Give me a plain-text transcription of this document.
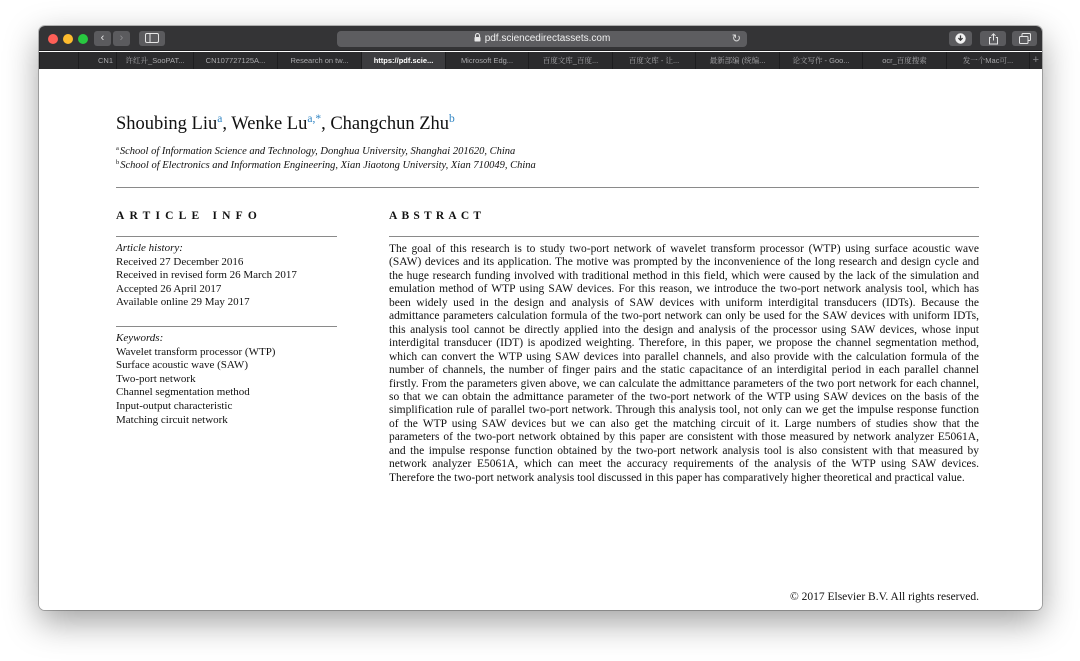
‹	›	pdf.sciencedirectassets.com	↻
CN1	许红升_SooPAT...	CN107727125A...	Research on tw...	https://pdf.scie...	Microsoft Edg...	百度文库_百度...	百度文库 - 让...	最新部编 (统编...	论文写作 - Goo...	ocr_百度搜索	发一个Mac可...	+
Shoubing Liu$^a$, Wenke $Lu^{a,*}$, Changchun Zhu$^b$
$^a$School of Information Science and Technology, Donghua University, Shanghai 201620, China
$^b$School of Electronics and Information Engineering, Xian Jiaotong University, Xian 710049, China
ARTICLE INFO
Article history:
Received 27 December 2016
Received in revised form 26 March 2017
Accepted 26 April 2017
Available online 29 May 2017
Keywords:
Wavelet transform processor (WTP)
Surface acoustic wave (SAW)
Two-port network
Channel segmentation method
Input-output characteristic
Matching circuit network
ABSTRACT
The goal of this research is to study two-port network of wavelet transform processor (WTP) using surface acoustic wave (SAW) devices and its application. The motive was prompted by the inconvenience of the long research and design cycle and the huge research funding involved with traditional method in this field, which were caused by the lack of the simulation and emulation method of WTP using SAW devices. For this reason, we introduce the two-port network analysis tool, which has been widely used in the design and analysis of SAW devices with uniform interdigital transducers (IDTs). Because the admittance parameters calculation formula of the two-port network can only be used for the SAW devices with uniform IDTs, this analysis tool cannot be directly applied into the design and analysis of the processor using SAW devices, whose input interdigital transducer (IDT) is apodized weighting. Therefore, in this paper, we propose the channel segmentation method, which can convert the WTP using SAW devices into parallel channels, and also provide with the calculation formula of the number of channels, the number of finger pairs and the static capacitance of an interdigital period in each parallel channel firstly. From the parameters given above, we can calculate the admittance parameters of the two port network for each channel, so that we can obtain the admittance parameter of the two-port network of the WTP using SAW devices on the basis of the simplification rule of parallel two-port network. Through this analysis tool, not only can we get the impulse response function of the WTP using SAW devices but we can also get the matching circuit of it. Large numbers of studies show that the parameters of the two-port network obtained by this paper are consistent with those measured by network analyzer E5061A, and the impulse response function obtained by the two-port network analysis tool is also consistent with that measured by network analyzer E5061A, which can meet the accuracy requirements of the analysis of the WTP using SAW devices. Therefore the two-port network analysis tool discussed in this paper has comparatively higher theoretical and practical value.
© 2017 Elsevier B.V. All rights reserved.
